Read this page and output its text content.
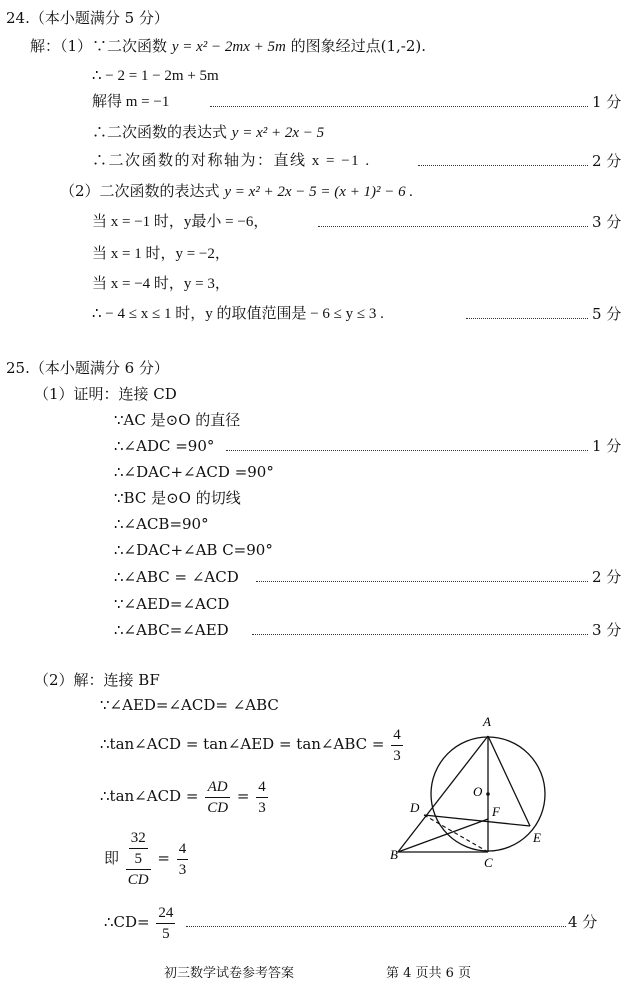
24.（本小题满分 5 分）
解：（1）∵二次函数 y = x² − 2mx + 5m 的图象经过点(1,-2).
∴ − 2 = 1 − 2m + 5m
解得 m = −1	1 分
∴二次函数的表达式 y = x² + 2x − 5
∴二次函数的对称轴为：直线 x = −1 .	2 分
（2）二次函数的表达式 y = x² + 2x − 5 = (x + 1)² − 6 .
当 x = −1 时，y最小 = −6，	3 分
当 x = 1 时，y = −2，
当 x = −4 时，y = 3，
∴ − 4 ≤ x ≤ 1 时，y 的取值范围是 − 6 ≤ y ≤ 3 .	5 分
25.（本小题满分 6 分）
（1）证明：连接 CD
∵AC 是⊙O 的直径
∴∠ADC =90°	1 分
∴∠DAC+∠ACD =90°
∵BC 是⊙O 的切线
∴∠ACB=90°
∴∠DAC+∠AB C=90°
∴∠ABC = ∠ACD	2 分
∵∠AED=∠ACD
∴∠ABC=∠AED	3 分
（2）解：连接 BF
∵∠AED=∠ACD= ∠ABC
∴tan∠ACD = tan∠AED = tan∠ABC = $\frac{4}{3}$
∴tan∠ACD = $\frac{AD}{CD} = \frac{4}{3}$
即 $\frac{\frac{32}{5}}{CD} = \frac{4}{3}$
∴CD= $\frac{24}{5}$	4 分
A
O
D	F
E
B
C
初三数学试卷参考答案	第 4 页共 6 页
